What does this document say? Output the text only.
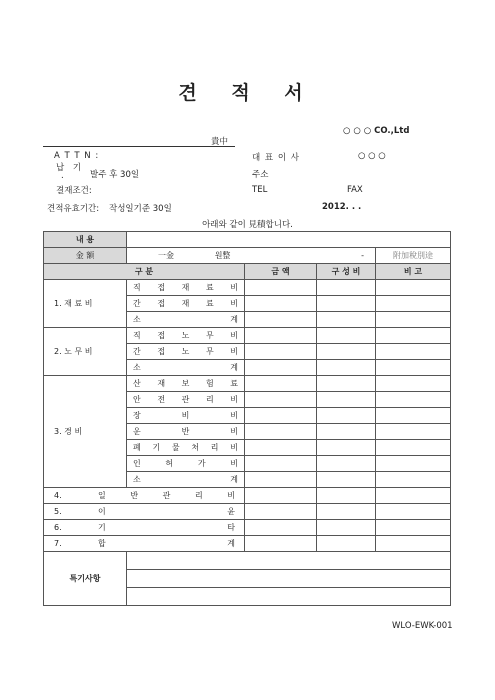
견 적 서
○ ○ ○ CO.,Ltd
貴中
A T T N :
납 기
.	발주 후 30일
결재조건:
견적유효기간: 작성일기준 30일
대 표 이 사	○ ○ ○
주소
TEL	FAX
2012. . .
아래와 같이 見積합니다.
내 용				
金 額	一金 원整 -			附加稅別途
구 분		금 액	구 성 비	비 고
1. 재 료 비	직 접 재 료 비			
	간 접 재 료 비			
	소 계			
2. 노 무 비	직 접 노 무 비			
	간 접 노 무 비			
	소 계			
3. 경 비	산 재 보 험 료			
	안 전 관 리 비			
	장 비 비			
	운 반 비			
	폐 기 물 처 리 비			
	인 허 가 비			
	소 계			

4. 일 반 관 리 비				

5. 이 윤				

6. 기 타				

7. 합 계				

특기사항				

WLO-EWK-001
